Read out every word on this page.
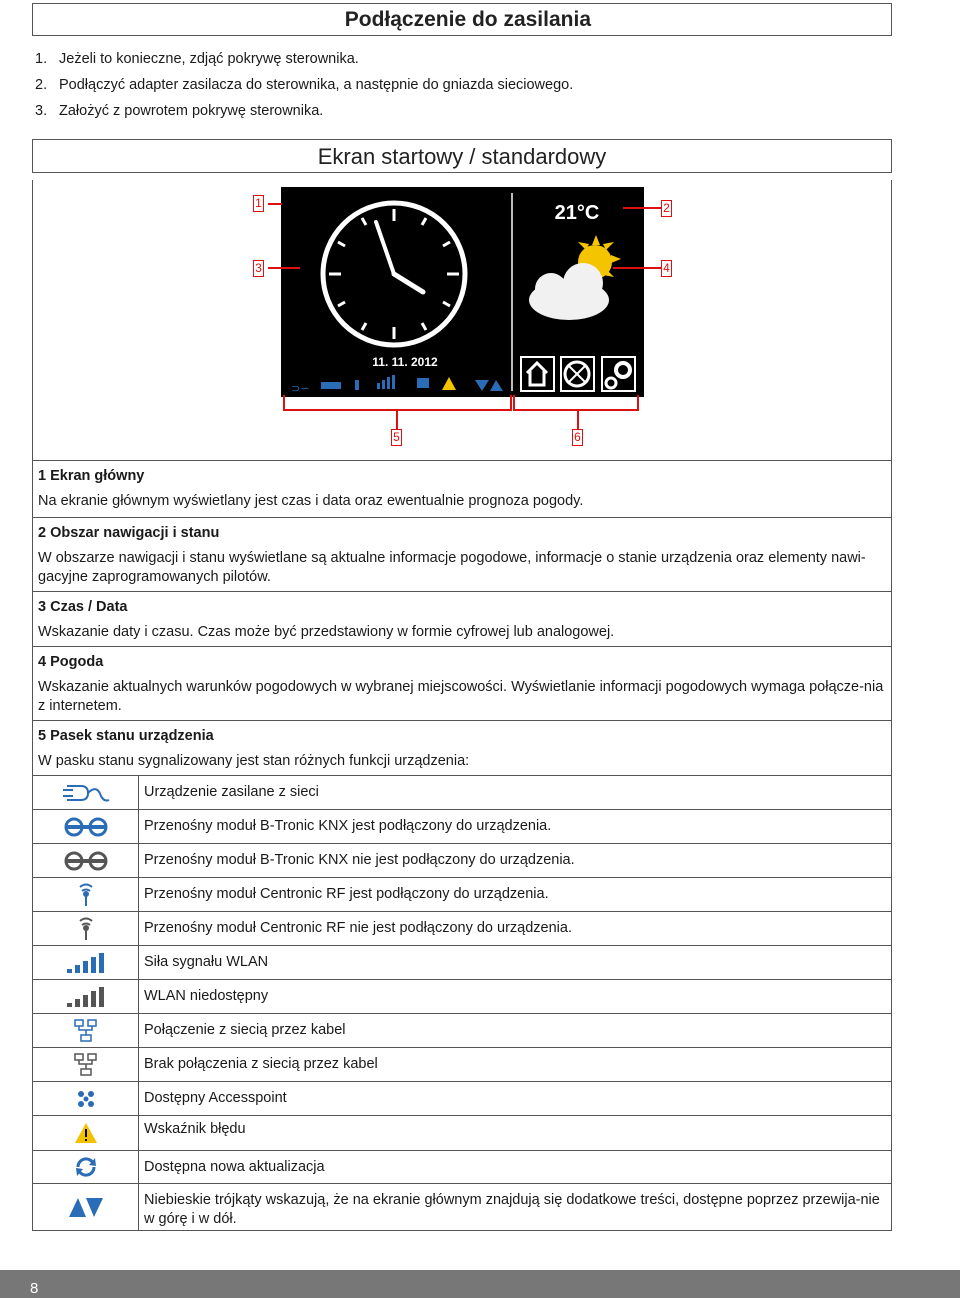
Podłączenie do zasilania
1. Jeżeli to konieczne, zdjąć pokrywę sterownika.
2. Podłączyć adapter zasilacza do sterownika, a następnie do gniazda sieciowego.
3. Założyć z powrotem pokrywę sterownika.
Ekran startowy / standardowy
11. 11. 2012
21°C
⊃∽
1	2
3	4
5	6
1 Ekran główny
Na ekranie głównym wyświetlany jest czas i data oraz ewentualnie prognoza pogody.
2 Obszar nawigacji i stanu
W obszarze nawigacji i stanu wyświetlane są aktualne informacje pogodowe, informacje o stanie urządzenia oraz elementy nawi-gacyjne zaprogramowanych pilotów.
3 Czas / Data
Wskazanie daty i czasu. Czas może być przedstawiony w formie cyfrowej lub analogowej.
4 Pogoda
Wskazanie aktualnych warunków pogodowych w wybranej miejscowości. Wyświetlanie informacji pogodowych wymaga połącze-nia z internetem.
5 Pasek stanu urządzenia
W pasku stanu sygnalizowany jest stan różnych funkcji urządzenia:
Urządzenie zasilane z sieci
Przenośny moduł B-Tronic KNX jest podłączony do urządzenia.
Przenośny moduł B-Tronic KNX nie jest podłączony do urządzenia.
Przenośny moduł Centronic RF jest podłączony do urządzenia.
Przenośny moduł Centronic RF nie jest podłączony do urządzenia.
Siła sygnału WLAN
WLAN niedostępny
Połączenie z siecią przez kabel
Brak połączenia z siecią przez kabel
Dostępny Accesspoint
Wskaźnik błędu
Dostępna nowa aktualizacja
Niebieskie trójkąty wskazują, że na ekranie głównym znajdują się dodatkowe treści, dostępne poprzez przewija-nie w górę i w dół.
8
